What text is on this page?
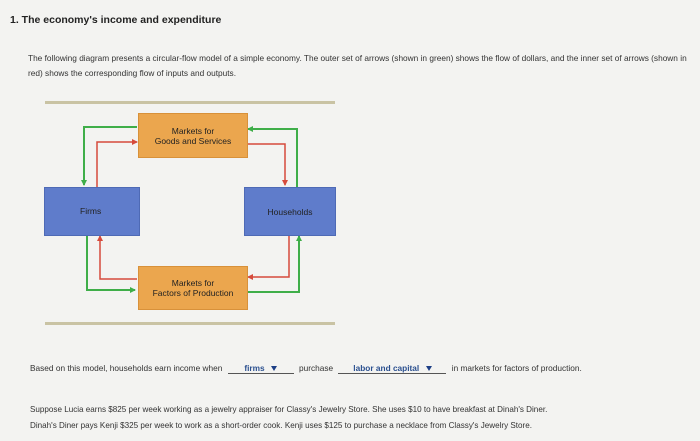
1. The economy's income and expenditure
The following diagram presents a circular-flow model of a simple economy. The outer set of arrows (shown in green) shows the flow of dollars, and the inner set of arrows (shown in red) shows the corresponding flow of inputs and outputs.
Markets for
Goods and Services
Firms	Households
Markets for
Factors of Production
Based on this model, households earn income when	firms	purchase labor and capital	in markets for factors of production.
Suppose Lucia earns $825 per week working as a jewelry appraiser for Classy's Jewelry Store. She uses $10 to have breakfast at Dinah's Diner.
Dinah's Diner pays Kenji $325 per week to work as a short-order cook. Kenji uses $125 to purchase a necklace from Classy's Jewelry Store.
